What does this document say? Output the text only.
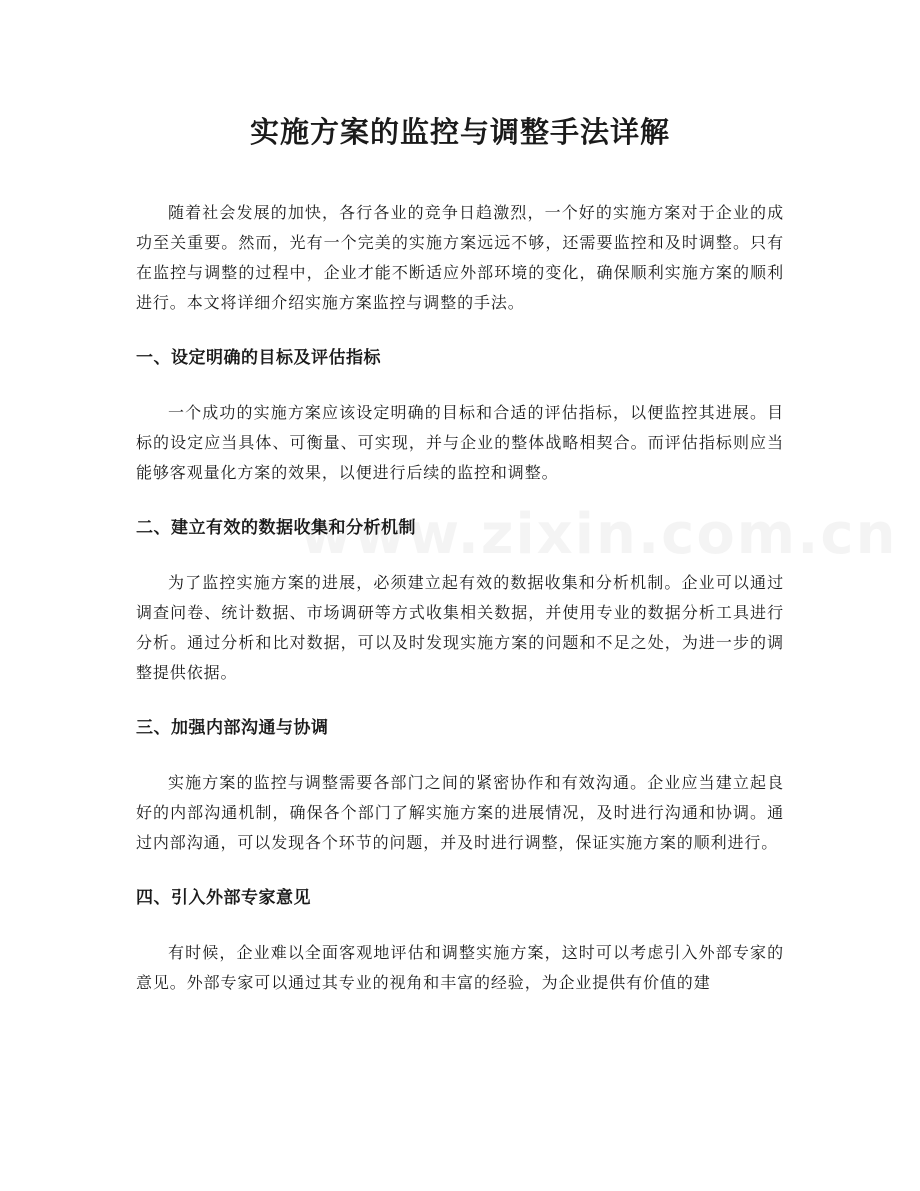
实施方案的监控与调整手法详解

随着社会发展的加快，各行各业的竞争日趋激烈，一个好的实施方案对于企业的成功至关重要。然而，光有一个完美的实施方案远远不够，还需要监控和及时调整。只有在监控与调整的过程中，企业才能不断适应外部环境的变化，确保顺利实施方案的顺利进行。本文将详细介绍实施方案监控与调整的手法。

一、设定明确的目标及评估指标

一个成功的实施方案应该设定明确的目标和合适的评估指标，以便监控其进展。目标的设定应当具体、可衡量、可实现，并与企业的整体战略相契合。而评估指标则应当能够客观量化方案的效果，以便进行后续的监控和调整。

二、建立有效的数据收集和分析机制

为了监控实施方案的进展，必须建立起有效的数据收集和分析机制。企业可以通过调查问卷、统计数据、市场调研等方式收集相关数据，并使用专业的数据分析工具进行分析。通过分析和比对数据，可以及时发现实施方案的问题和不足之处，为进一步的调整提供依据。

三、加强内部沟通与协调

实施方案的监控与调整需要各部门之间的紧密协作和有效沟通。企业应当建立起良好的内部沟通机制，确保各个部门了解实施方案的进展情况，及时进行沟通和协调。通过内部沟通，可以发现各个环节的问题，并及时进行调整，保证实施方案的顺利进行。

四、引入外部专家意见

有时候，企业难以全面客观地评估和调整实施方案，这时可以考虑引入外部专家的意见。外部专家可以通过其专业的视角和丰富的经验，为企业提供有价值的建
